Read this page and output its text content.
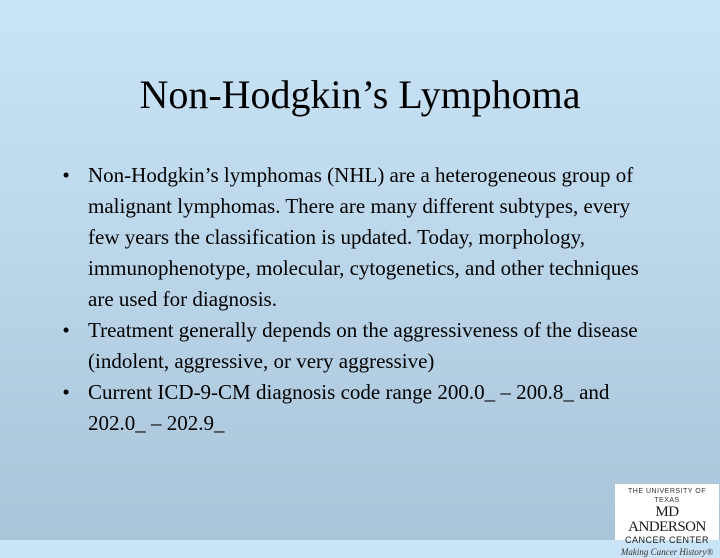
Non-Hodgkin’s Lymphoma
• Non-Hodgkin’s lymphomas (NHL) are a heterogeneous group of malignant lymphomas. There are many different subtypes, every few years the classification is updated. Today, morphology, immunophenotype, molecular, cytogenetics, and other techniques are used for diagnosis.
• Treatment generally depends on the aggressiveness of the disease (indolent, aggressive, or very aggressive)
• Current ICD-9-CM diagnosis code range 200.0_ – 200.8_ and 202.0_ – 202.9_
THE UNIVERSITY OF TEXAS
MD ANDERSON
CANCER CENTER
Making Cancer History®
